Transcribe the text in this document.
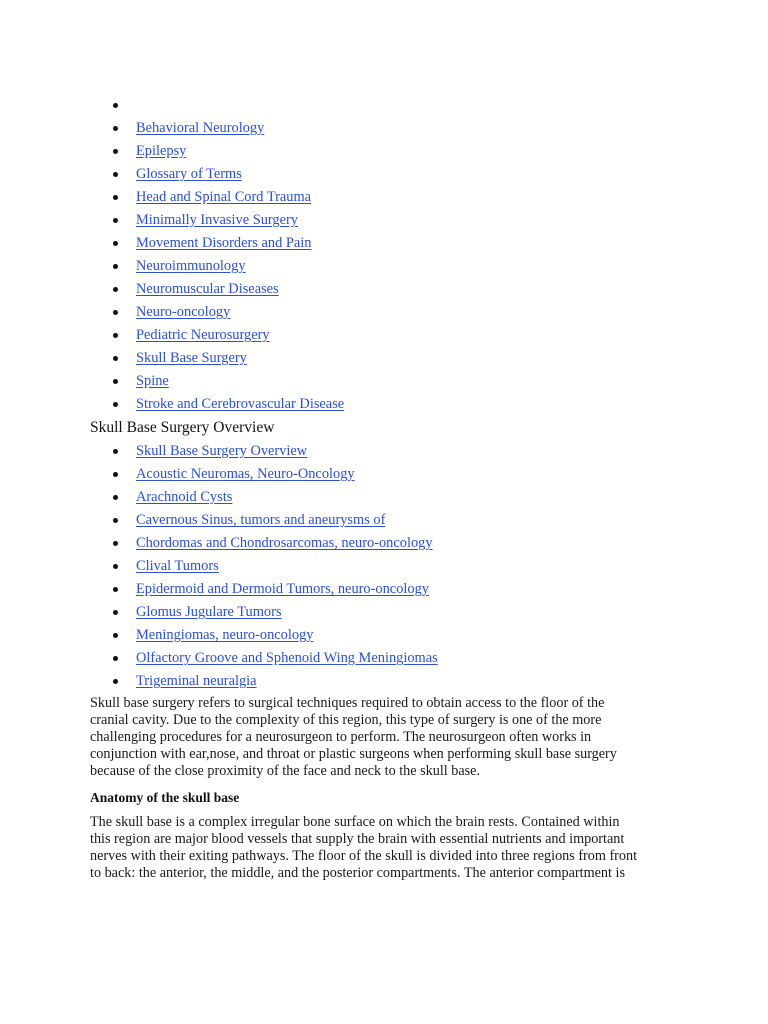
Behavioral Neurology
Epilepsy
Glossary of Terms
Head and Spinal Cord Trauma
Minimally Invasive Surgery
Movement Disorders and Pain
Neuroimmunology
Neuromuscular Diseases
Neuro-oncology
Pediatric Neurosurgery
Skull Base Surgery
Spine
Stroke and Cerebrovascular Disease
Skull Base Surgery Overview
Skull Base Surgery Overview
Acoustic Neuromas, Neuro-Oncology
Arachnoid Cysts
Cavernous Sinus, tumors and aneurysms of
Chordomas and Chondrosarcomas, neuro-oncology
Clival Tumors
Epidermoid and Dermoid Tumors, neuro-oncology
Glomus Jugulare Tumors
Meningiomas, neuro-oncology
Olfactory Groove and Sphenoid Wing Meningiomas
Trigeminal neuralgia

Skull base surgery refers to surgical techniques required to obtain access to the floor of the
cranial cavity. Due to the complexity of this region, this type of surgery is one of the more
challenging procedures for a neurosurgeon to perform. The neurosurgeon often works in
conjunction with ear,nose, and throat or plastic surgeons when performing skull base surgery
because of the close proximity of the face and neck to the skull base.

Anatomy of the skull base

The skull base is a complex irregular bone surface on which the brain rests. Contained within
this region are major blood vessels that supply the brain with essential nutrients and important
nerves with their exiting pathways. The floor of the skull is divided into three regions from front
to back: the anterior, the middle, and the posterior compartments. The anterior compartment is
